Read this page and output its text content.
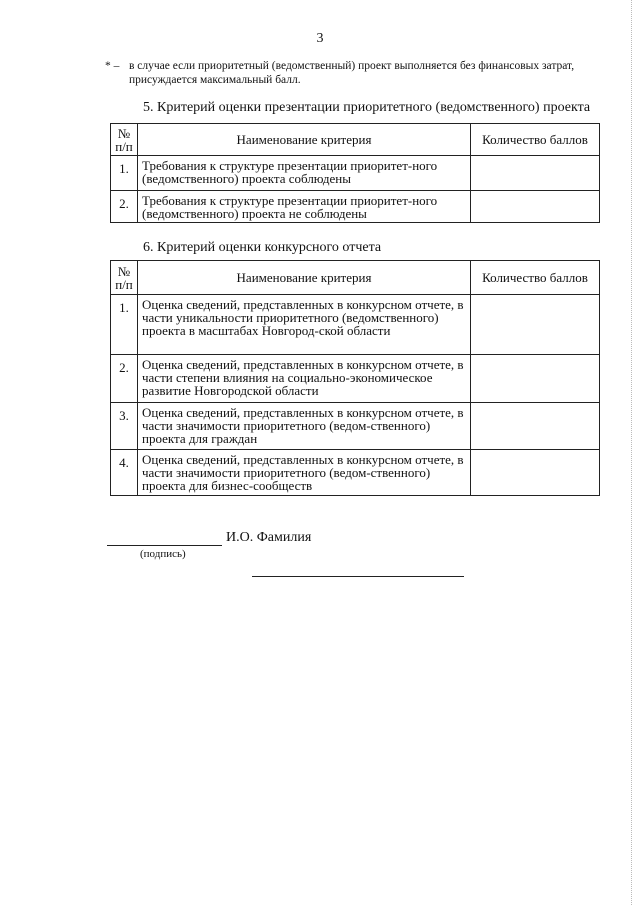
3
* – в случае если приоритетный (ведомственный) проект выполняется без финансовых затрат, присуждается максимальный балл.
5. Критерий оценки презентации приоритетного (ведомственного) проекта
№ п/п	Наименование критерия	Количество баллов
1.	Требования к структуре презентации приоритет-ного (ведомственного) проекта соблюдены	
2.	Требования к структуре презентации приоритет-ного (ведомственного) проекта не соблюдены	
6. Критерий оценки конкурсного отчета
№ п/п	Наименование критерия	Количество баллов
1.	Оценка сведений, представленных в конкурсном отчете, в части уникальности приоритетного (ведомственного) проекта в масштабах Новгород-ской области	
2.	Оценка сведений, представленных в конкурсном отчете, в части степени влияния на социально-экономическое развитие Новгородской области	
3.	Оценка сведений, представленных в конкурсном отчете, в части значимости приоритетного (ведом-ственного) проекта для граждан	
4.	Оценка сведений, представленных в конкурсном отчете, в части значимости приоритетного (ведом-ственного) проекта для бизнес-сообществ	
И.О. Фамилия
(подпись)
